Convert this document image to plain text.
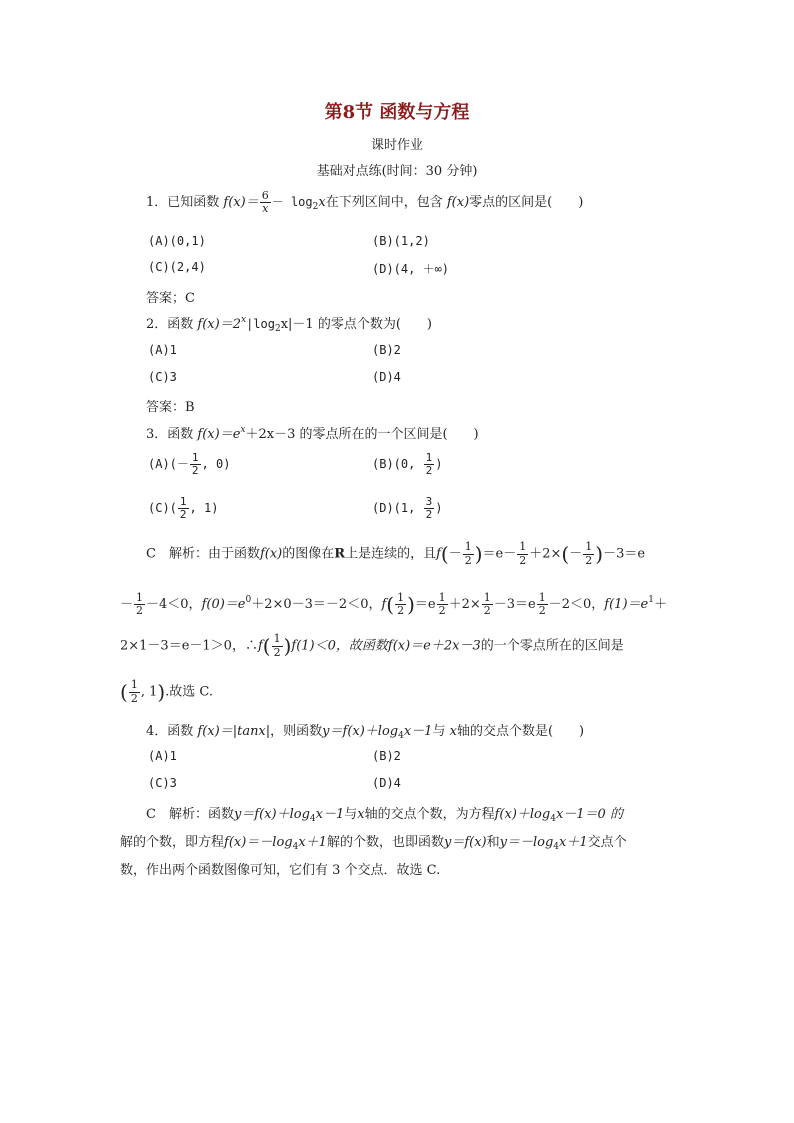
第8节 函数与方程
课时作业
基础对点练(时间：30 分钟)
1．已知函数 $f(x)= \frac{6}{x} - \log_2x$在下列区间中，包含 f(x)零点的区间是(　　)
(A)(0,1)	(B)(1,2)
(C)(2,4)	(D)(4, ＋∞)
答案；C
2．函数 $f(x)=2^x|\log_2x|-1$ 的零点个数为(　　)
(A)1	(B)2
(C)3	(D)4
答案：B
3．函数 $f(x)=e^x+2x-3$ 的零点所在的一个区间是(　　)
$(A)(- \frac{1}{2}$ , 0)	(B)(0, $\frac{1}{2}$ )
$(C)( \frac{1}{2}$ , 1)	(D)(1, $\frac{3}{2}$ )
C　解析：由于函数f(x)的图像在R上是连续的，且$f(- \frac{1}{2} )=e- \frac{1}{2} +2\times(- \frac{1}{2} )-3=e$
－ $\frac{1}{2} -4<0$，$f(0)=e^0+2\times 0-3=-2<0$，$f( \frac{1}{2} )=e \frac{1}{2} +2\times \frac{1}{2} -3=e \frac{1}{2} -2<0$，$f(1)=e^1+$
2×1－3＝e－1＞0，∴f( $\frac{1}{2} )f(1)<0$，故函数f(x)＝e＋2x－3的一个零点所在的区间是
( $\frac{1}{2}$ , 1).故选 C.
4．函数 f(x)＝|tanx|，则函数$y=f(x)+\log_4x-1$与 x轴的交点个数是(　　)
(A)1	(B)2
(C)3	(D)4
C　解析：函数$y=f(x)+\log_4x-1$与x轴的交点个数，为方程$f(x)+\log_4x-1=0$ 的
解的个数，即方程$f(x)=-\log_4x+1$解的个数，也即函数y＝f(x)和$y=-\log_4x+1$交点个
数，作出两个函数图像可知，它们有 3 个交点．故选 C.
